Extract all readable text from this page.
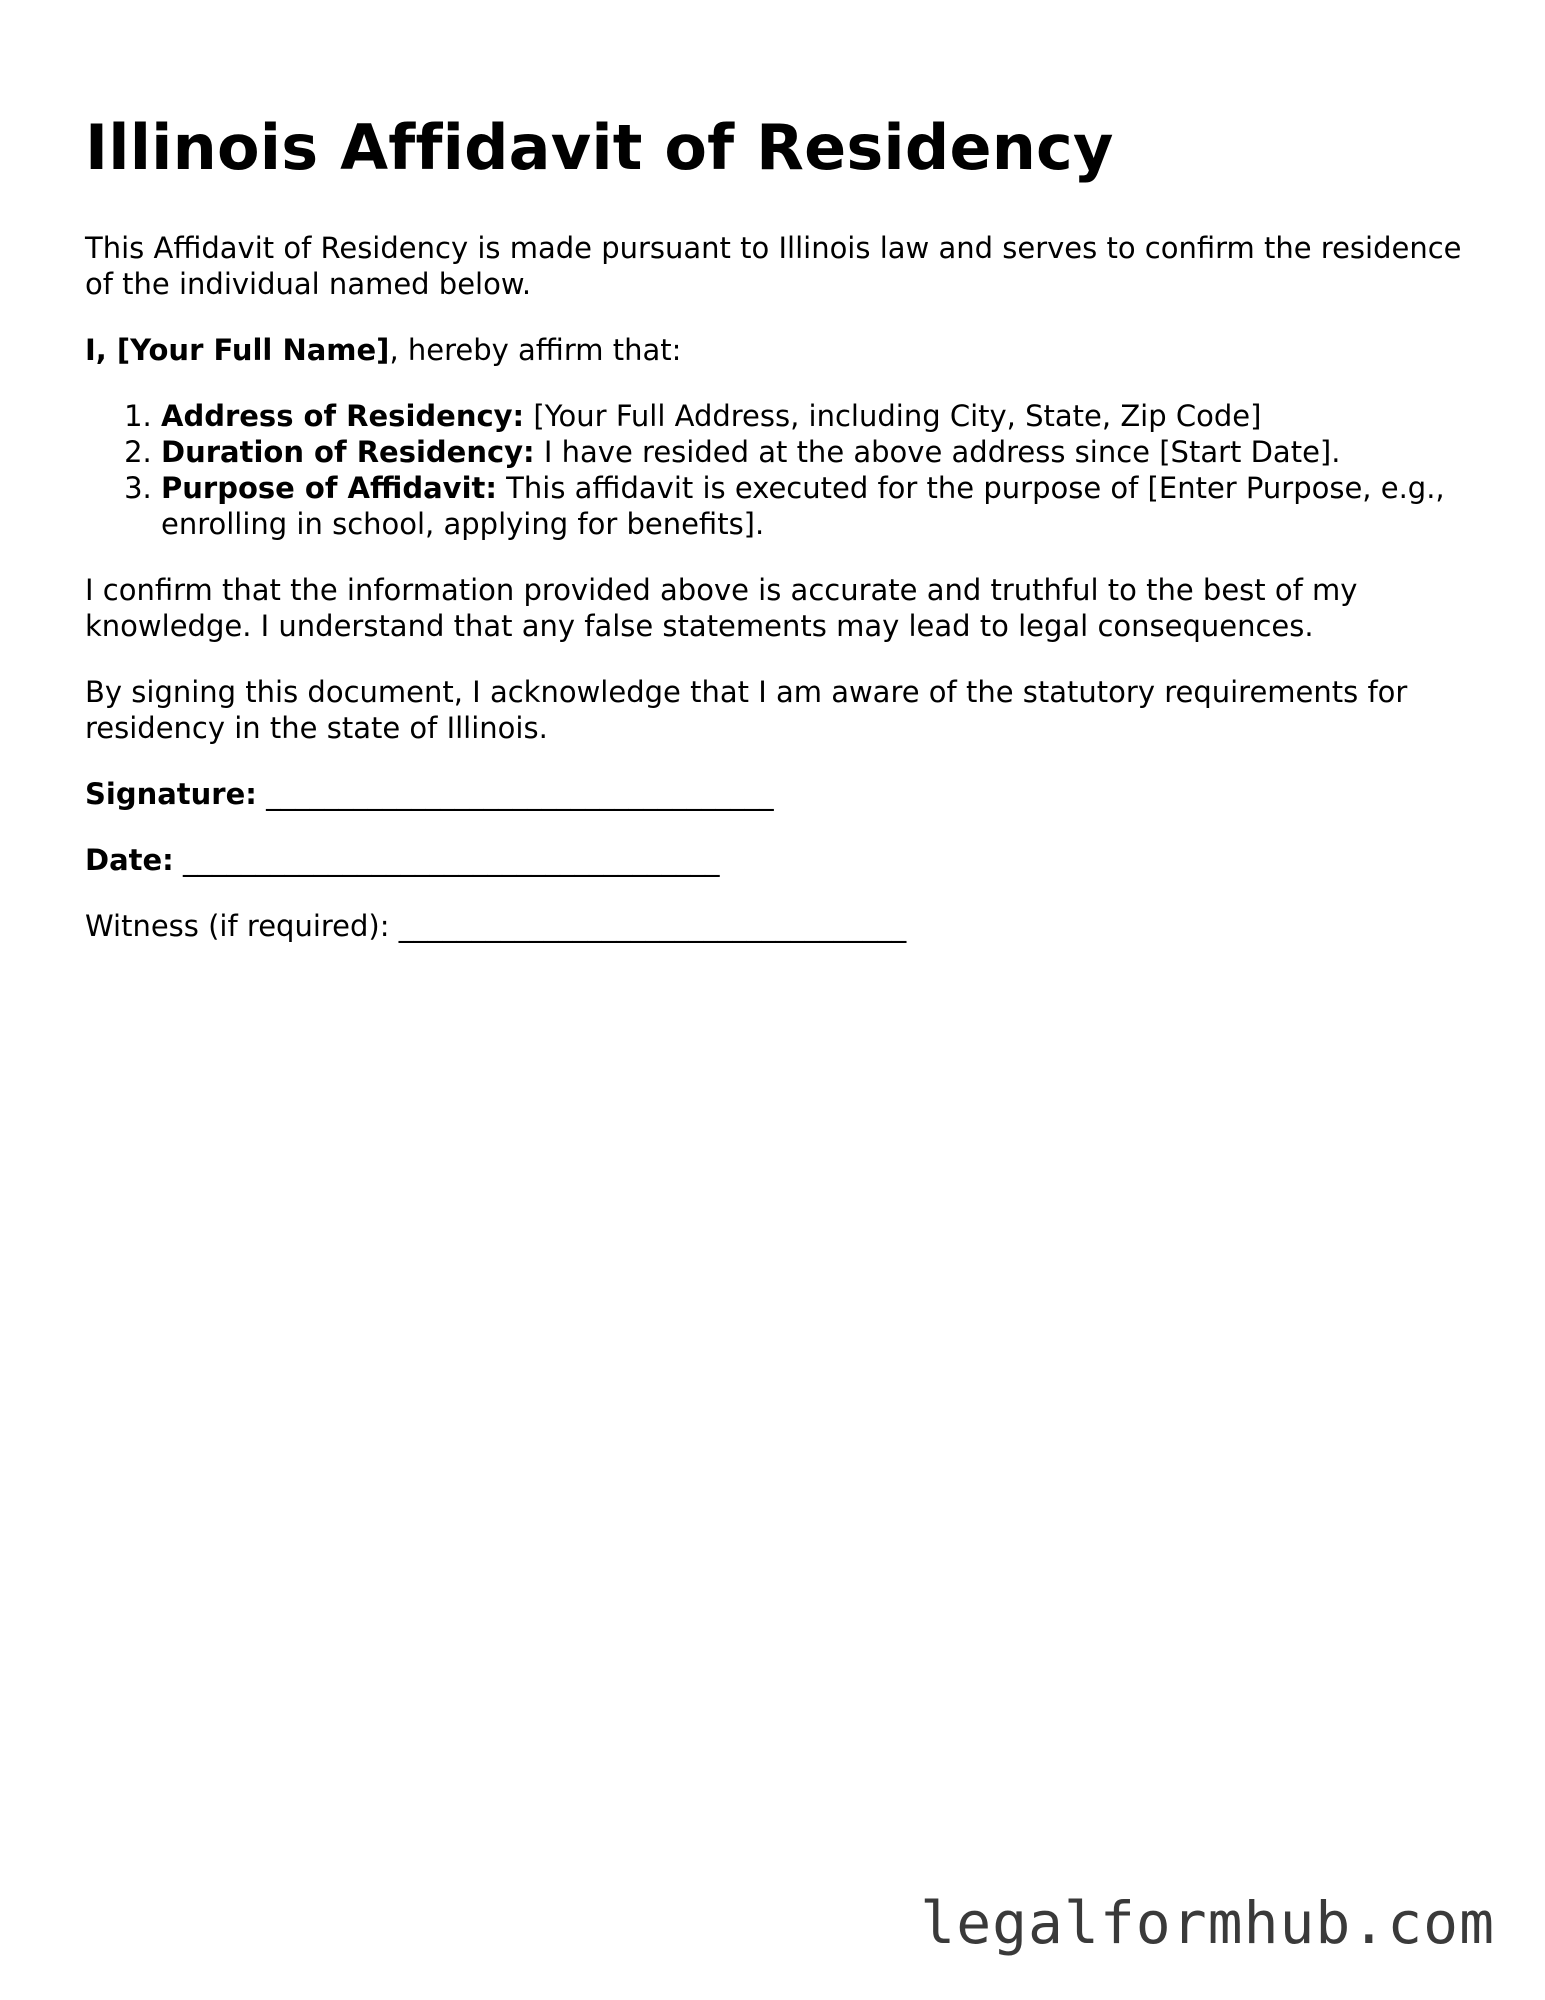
Illinois Affidavit of Residency

This Affidavit of Residency is made pursuant to Illinois law and serves to confirm the residence of the individual named below.

I, [Your Full Name], hereby affirm that:

1. Address of Residency: [Your Full Address, including City, State, Zip Code]
2. Duration of Residency: I have resided at the above address since [Start Date].
3. Purpose of Affidavit: This affidavit is executed for the purpose of [Enter Purpose, e.g., enrolling in school, applying for benefits].

I confirm that the information provided above is accurate and truthful to the best of my knowledge. I understand that any false statements may lead to legal consequences.

By signing this document, I acknowledge that I am aware of the statutory requirements for residency in the state of Illinois.

Signature: ___________________________________

Date: _____________________________________

Witness (if required): ___________________________________

legalformhub.com
